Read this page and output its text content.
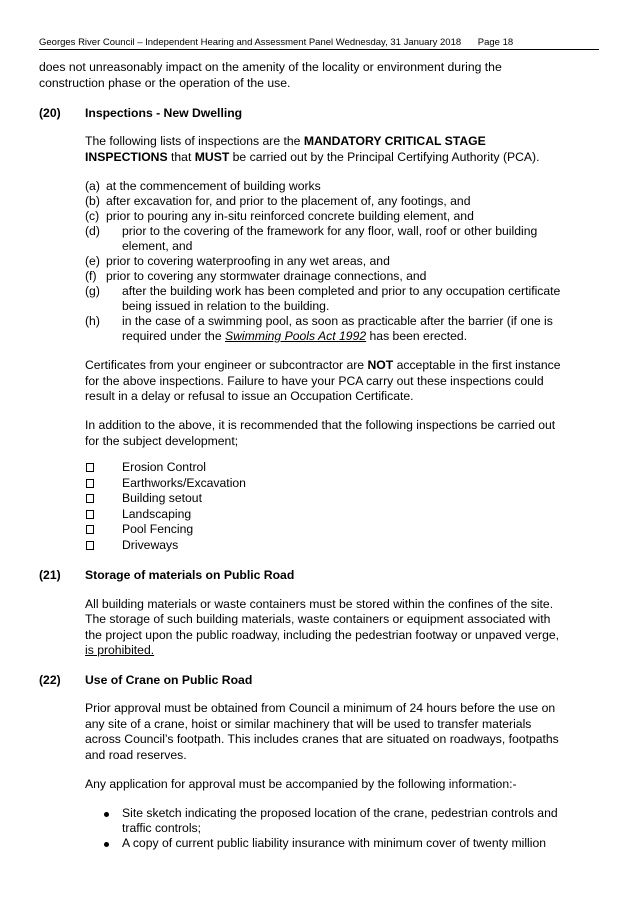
Georges River Council – Independent Hearing and Assessment Panel Wednesday, 31 January 2018 Page 18
does not unreasonably impact on the amenity of the locality or environment during the
construction phase or the operation of the use.
(20) Inspections - New Dwelling
The following lists of inspections are the MANDATORY CRITICAL STAGE
INSPECTIONS that MUST be carried out by the Principal Certifying Authority (PCA).
(a) at the commencement of building works
(b) after excavation for, and prior to the placement of, any footings, and
(c) prior to pouring any in-situ reinforced concrete building element, and
(d) prior to the covering of the framework for any floor, wall, roof or other building
element, and
(e) prior to covering waterproofing in any wet areas, and
(f) prior to covering any stormwater drainage connections, and
(g) after the building work has been completed and prior to any occupation certificate
being issued in relation to the building.
(h) in the case of a swimming pool, as soon as practicable after the barrier (if one is
required under the Swimming Pools Act 1992 has been erected.
Certificates from your engineer or subcontractor are NOT acceptable in the first instance
for the above inspections. Failure to have your PCA carry out these inspections could
result in a delay or refusal to issue an Occupation Certificate.
In addition to the above, it is recommended that the following inspections be carried out
for the subject development;
Erosion Control
Earthworks/Excavation
Building setout
Landscaping
Pool Fencing
Driveways
(21) Storage of materials on Public Road
All building materials or waste containers must be stored within the confines of the site.
The storage of such building materials, waste containers or equipment associated with
the project upon the public roadway, including the pedestrian footway or unpaved verge,
is prohibited.
(22) Use of Crane on Public Road
Prior approval must be obtained from Council a minimum of 24 hours before the use on
any site of a crane, hoist or similar machinery that will be used to transfer materials
across Council’s footpath. This includes cranes that are situated on roadways, footpaths
and road reserves.
Any application for approval must be accompanied by the following information:-
Site sketch indicating the proposed location of the crane, pedestrian controls and
traffic controls;
A copy of current public liability insurance with minimum cover of twenty million
